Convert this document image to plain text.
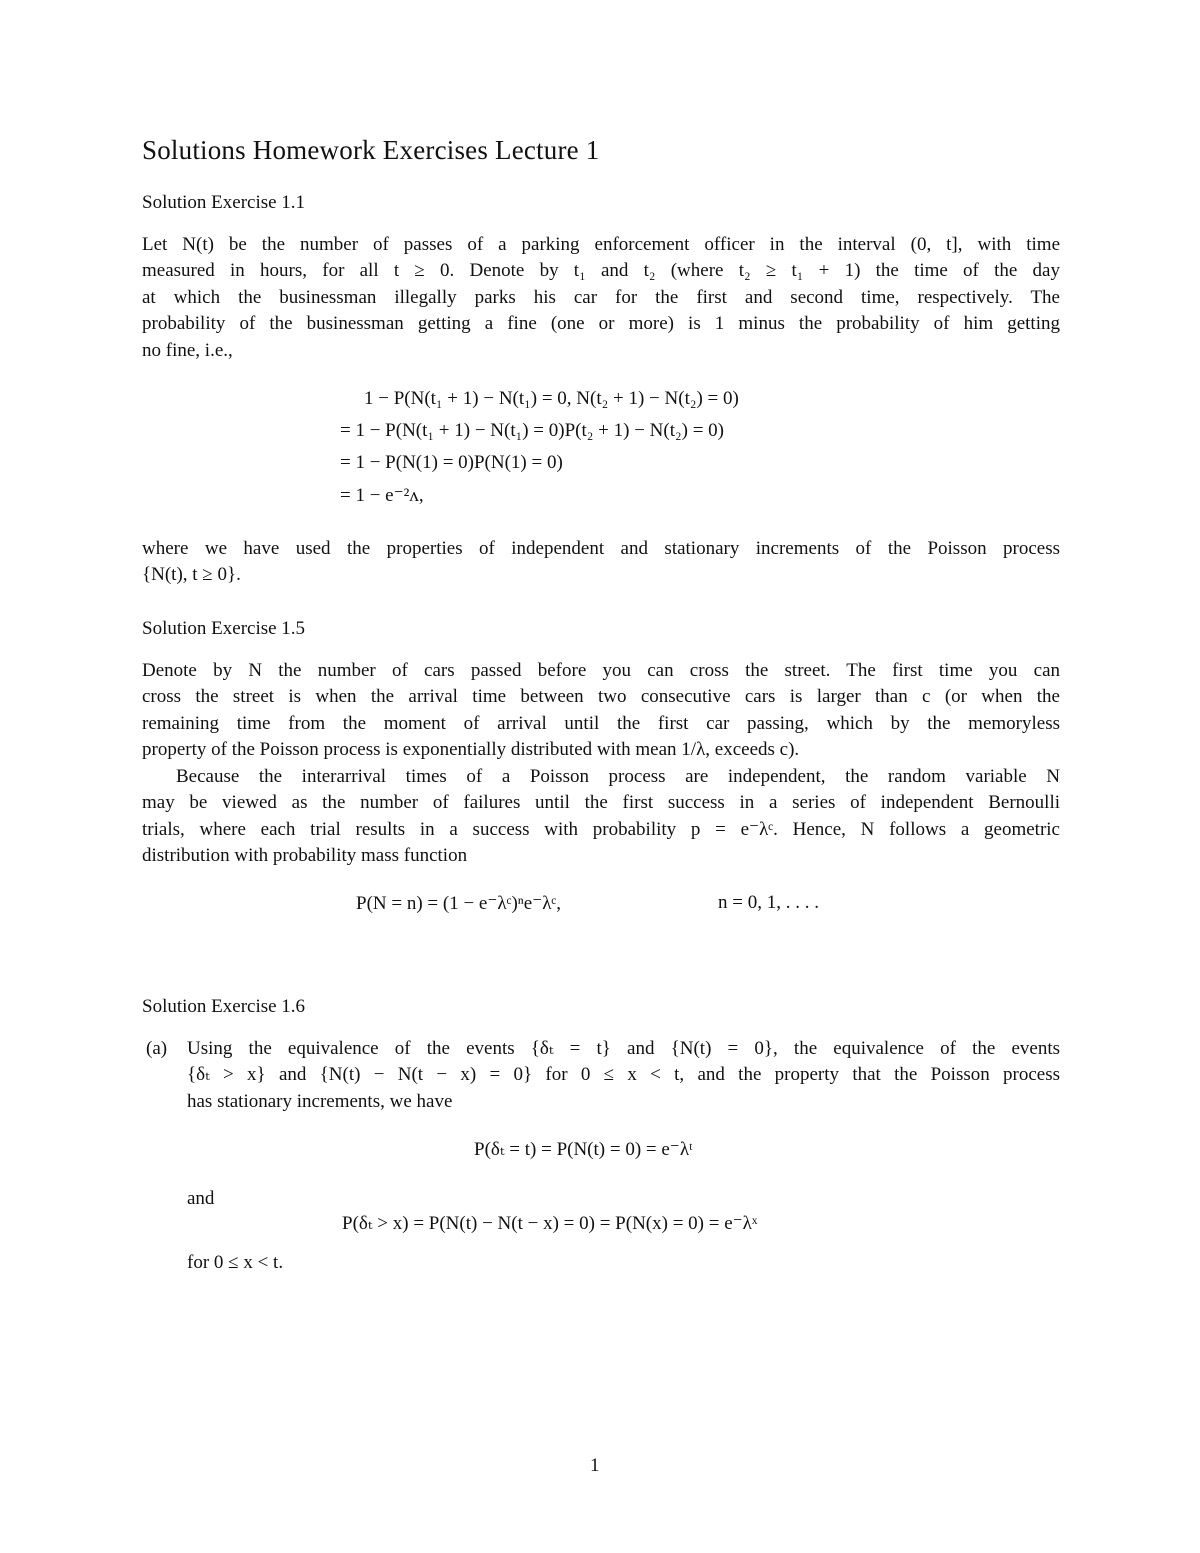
Solutions Homework Exercises Lecture 1
Solution Exercise 1.1
Let N(t) be the number of passes of a parking enforcement officer in the interval (0, t], with time
measured in hours, for all t ≥ 0. Denote by t₁ and t₂ (where t₂ ≥ t₁ + 1) the time of the day
at which the businessman illegally parks his car for the first and second time, respectively. The
probability of the businessman getting a fine (one or more) is 1 minus the probability of him getting
no fine, i.e.,
1 − P(N(t₁ + 1) − N(t₁) = 0, N(t₂ + 1) − N(t₂) = 0)
= 1 − P(N(t₁ + 1) − N(t₁) = 0)P(t₂ + 1) − N(t₂) = 0)
= 1 − P(N(1) = 0)P(N(1) = 0)
= 1 − e⁻²ᴧ,
where we have used the properties of independent and stationary increments of the Poisson process
{N(t), t ≥ 0}.
Solution Exercise 1.5
Denote by N the number of cars passed before you can cross the street. The first time you can
cross the street is when the arrival time between two consecutive cars is larger than c (or when the
remaining time from the moment of arrival until the first car passing, which by the memoryless
property of the Poisson process is exponentially distributed with mean 1/λ, exceeds c).
Because the interarrival times of a Poisson process are independent, the random variable N
may be viewed as the number of failures until the first success in a series of independent Bernoulli
trials, where each trial results in a success with probability p = e⁻λᶜ. Hence, N follows a geometric
distribution with probability mass function
P(N = n) = (1 − e⁻λᶜ)ⁿe⁻λᶜ,	n = 0, 1, . . . .
Solution Exercise 1.6
(a) Using the equivalence of the events {δₜ = t} and {N(t) = 0}, the equivalence of the events
{δₜ > x} and {N(t) − N(t − x) = 0} for 0 ≤ x < t, and the property that the Poisson process
has stationary increments, we have
P(δₜ = t) = P(N(t) = 0) = e⁻λᵗ
and
P(δₜ > x) = P(N(t) − N(t − x) = 0) = P(N(x) = 0) = e⁻λˣ
for 0 ≤ x < t.
1
